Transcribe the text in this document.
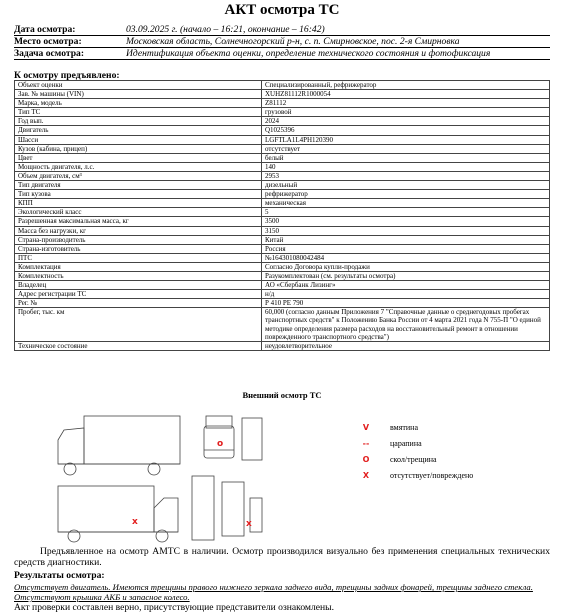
АКТ осмотра ТС
Дата осмотра:	03.09.2025 г. (начало – 16:21, окончание – 16:42)
Место осмотра:	Московская область, Солнечногорский р-н, с. п. Смирновское, пос. 2-я Смирновка
Задача осмотра:	Идентификация объекта оценки, определение технического состояния и фотофиксация
К осмотру предъявлено:
Объект оценки	Специализированный, рефрижератор
Зав. № машины (VIN)	XUHZ81112R1000054
Марка, модель	Z81112
Тип ТС	грузовой
Год вып.	2024
Двигатель	Q1025396
Шасси	LGFTLA1L4PH120390
Кузов (кабина, прицеп)	отсутствует
Цвет	белый
Мощность двигателя, л.с.	140
Объем двигателя, см³	2953
Тип двигателя	дизельный
Тип кузова	рефрижератор
КПП	механическая
Экологический класс	5
Разрешенная максимальная масса, кг	3500
Масса без нагрузки, кг	3150
Страна-производитель	Китай
Страна-изготовитель	Россия
ПТС	№164301080042484
Комплектация	Согласно Договора купли-продажи
Комплектность	Разукомплектован (см. результаты осмотра)
Владелец	АО «Сбербанк Лизинг»
Адрес регистрации ТС	н/д
Рег. №	Р 410 РЕ 790
Пробег, тыс. км	60,000 (согласно данным Приложения 7 "Справочные данные о среднегодовых пробегах транспортных средств" к Положению Банка России от 4 марта 2021 года N 755-П "О единой методике определения размера расходов на восстановительный ремонт в отношении поврежденного транспортного средства")
Техническое состояние	неудовлетворительное
Внешний осмотр ТС
o
x	x
V	вмятина
--	царапина
O	скол/трещина
X	отсутствует/повреждено
Предъявленное на осмотр АМТС в наличии. Осмотр производился визуально без применения специальных технических средств диагностики.
Результаты осмотра:
Отсутствует двигатель. Имеются трещины правого нижнего зеркала заднего вида, трещины задних фонарей, трещины заднего стекла. Отсутствуют крышка АКБ и запасное колесо.
Акт проверки составлен верно, присутствующие представители ознакомлены.
